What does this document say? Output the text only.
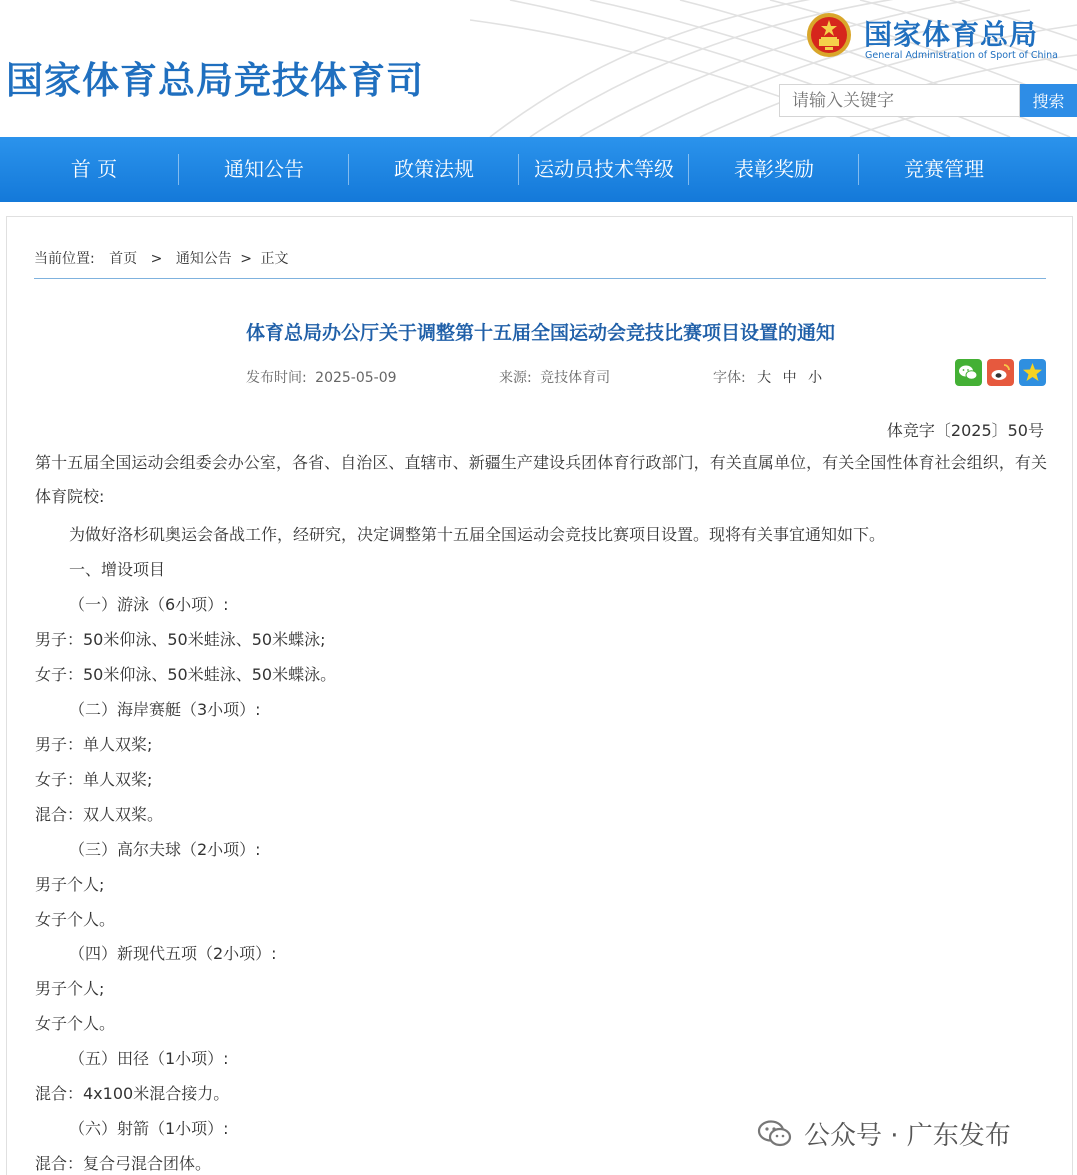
国家体育总局竞技体育司
国家体育总局
General Administration of Sport of China
请输入关键字
搜索
首 页	通知公告	政策法规	运动员技术等级	表彰奖励	竞赛管理
当前位置: 首页 > 通知公告 > 正文
体育总局办公厅关于调整第十五届全国运动会竞技比赛项目设置的通知
发布时间: 2025-05-09	来源: 竞技体育司	字体: 大 中 小
体竞字〔2025〕50号
第十五届全国运动会组委会办公室，各省、自治区、直辖市、新疆生产建设兵团体育行政部门，有关直属单位，有关全国性体育社会组织，有关体育院校:
为做好洛杉矶奥运会备战工作，经研究，决定调整第十五届全国运动会竞技比赛项目设置。现将有关事宜通知如下。
一、增设项目
（一）游泳（6小项）:
男子：50米仰泳、50米蛙泳、50米蝶泳;
女子：50米仰泳、50米蛙泳、50米蝶泳。
（二）海岸赛艇（3小项）:
男子：单人双桨;
女子：单人双桨;
混合：双人双桨。
（三）高尔夫球（2小项）:
男子个人;
女子个人。
（四）新现代五项（2小项）:
男子个人;
女子个人。
（五）田径（1小项）:
混合：4x100米混合接力。
（六）射箭（1小项）:
混合：复合弓混合团体。
公众号 · 广东发布
